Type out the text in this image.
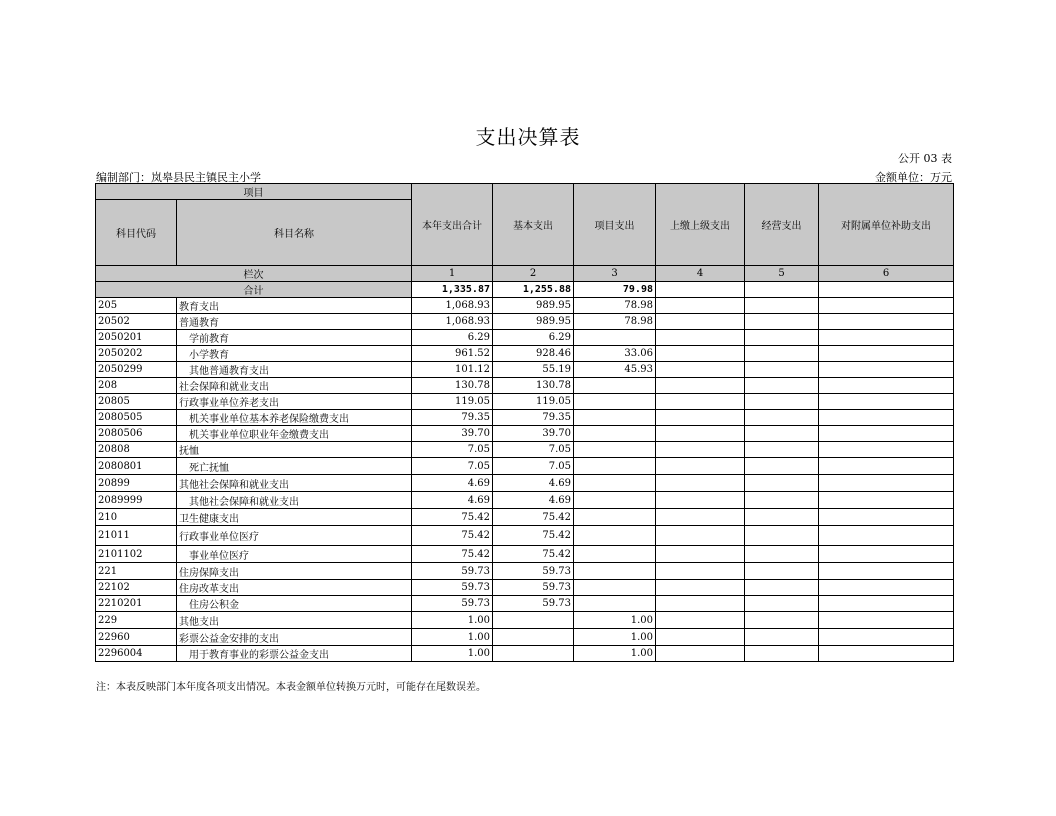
支出决算表
公开 03 表
编制部门：岚皋县民主镇民主小学	金额单位：万元
项目		本年支出合计	基本支出	项目支出	上缴上级支出	经营支出	对附属单位补助支出
科目代码	科目名称						
栏次		1	2	3	4	5	6
合计		1,335.87	1,255.88	79.98			
205	教育支出	1,068.93	989.95	78.98			
20502	普通教育	1,068.93	989.95	78.98			
2050201	学前教育	6.29	6.29				
2050202	小学教育	961.52	928.46	33.06			
2050299	其他普通教育支出	101.12	55.19	45.93			
208	社会保障和就业支出	130.78	130.78				
20805	行政事业单位养老支出	119.05	119.05				
2080505	机关事业单位基本养老保险缴费支出	79.35	79.35				
2080506	机关事业单位职业年金缴费支出	39.70	39.70				
20808	抚恤	7.05	7.05				
2080801	死亡抚恤	7.05	7.05				
20899	其他社会保障和就业支出	4.69	4.69				
2089999	其他社会保障和就业支出	4.69	4.69				
210	卫生健康支出	75.42	75.42				
21011	行政事业单位医疗	75.42	75.42				
2101102	事业单位医疗	75.42	75.42				
221	住房保障支出	59.73	59.73				
22102	住房改革支出	59.73	59.73				
2210201	住房公积金	59.73	59.73				
229	其他支出	1.00		1.00			
22960	彩票公益金安排的支出	1.00		1.00			
2296004	用于教育事业的彩票公益金支出	1.00		1.00			
注：本表反映部门本年度各项支出情况。本表金额单位转换万元时，可能存在尾数误差。
